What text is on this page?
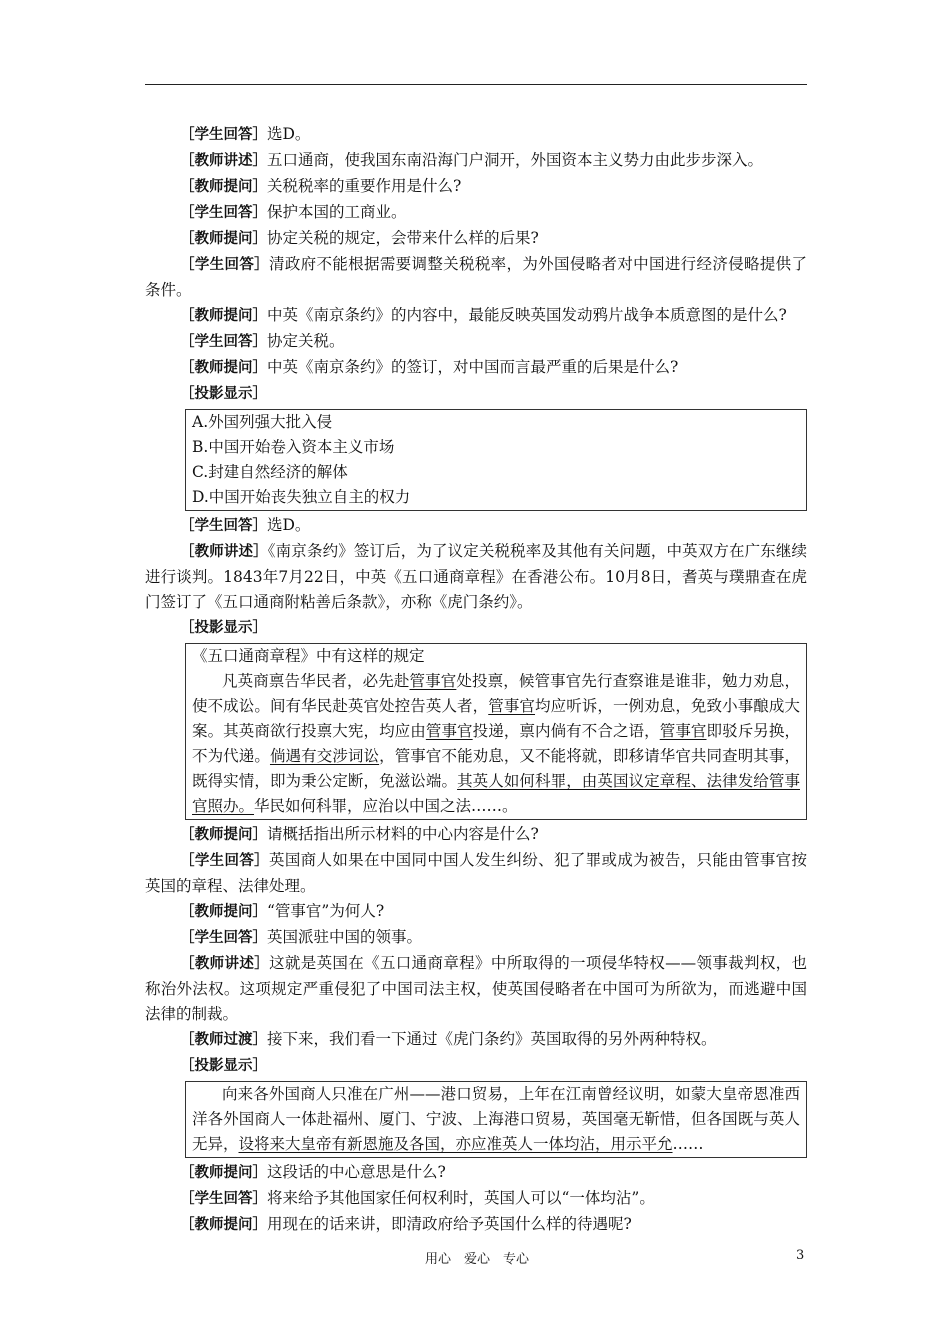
［学生回答］选D。

［教师讲述］五口通商，使我国东南沿海门户洞开，外国资本主义势力由此步步深入。

［教师提问］关税税率的重要作用是什么?

［学生回答］保护本国的工商业。

［教师提问］协定关税的规定，会带来什么样的后果?

［学生回答］清政府不能根据需要调整关税税率，为外国侵略者对中国进行经济侵略提供了条件。

［教师提问］中英《南京条约》的内容中，最能反映英国发动鸦片战争本质意图的是什么?

［学生回答］协定关税。

［教师提问］中英《南京条约》的签订，对中国而言最严重的后果是什么?

［投影显示］

A.外国列强大批入侵
B.中国开始卷入资本主义市场
C.封建自然经济的解体
D.中国开始丧失独立自主的权力

［学生回答］选D。

［教师讲述］《南京条约》签订后，为了议定关税税率及其他有关问题，中英双方在广东继续进行谈判。1843年7月22日，中英《五口通商章程》在香港公布。10月8日，耆英与璞鼎查在虎门签订了《五口通商附粘善后条款》，亦称《虎门条约》。

［投影显示］

《五口通商章程》中有这样的规定
凡英商禀告华民者，必先赴管事官处投禀，候管事官先行查察谁是谁非，勉力劝息，使不成讼。间有华民赴英官处控告英人者，管事官均应听诉，一例劝息，免致小事酿成大案。其英商欲行投禀大宪，均应由管事官投递，禀内倘有不合之语，管事官即驳斥另换，不为代递。倘遇有交涉词讼，管事官不能劝息，又不能将就，即移请华官共同查明其事，既得实情，即为秉公定断，免滋讼端。其英人如何科罪，由英国议定章程、法律发给管事官照办。华民如何科罪，应治以中国之法……。

［教师提问］请概括指出所示材料的中心内容是什么?

［学生回答］英国商人如果在中国同中国人发生纠纷、犯了罪或成为被告，只能由管事官按英国的章程、法律处理。

［教师提问］“管事官”为何人?

［学生回答］英国派驻中国的领事。

［教师讲述］这就是英国在《五口通商章程》中所取得的一项侵华特权——领事裁判权，也称治外法权。这项规定严重侵犯了中国司法主权，使英国侵略者在中国可为所欲为，而逃避中国法律的制裁。

［教师过渡］接下来，我们看一下通过《虎门条约》英国取得的另外两种特权。

［投影显示］

向来各外国商人只准在广州——港口贸易，上年在江南曾经议明，如蒙大皇帝恩准西洋各外国商人一体赴福州、厦门、宁波、上海港口贸易，英国毫无靳惜，但各国既与英人无异，设将来大皇帝有新恩施及各国，亦应准英人一体均沾，用示平允……

［教师提问］这段话的中心意思是什么?

［学生回答］将来给予其他国家任何权利时，英国人可以“一体均沾”。

［教师提问］用现在的话来讲，即清政府给予英国什么样的待遇呢?

用心　爱心　专心	3
